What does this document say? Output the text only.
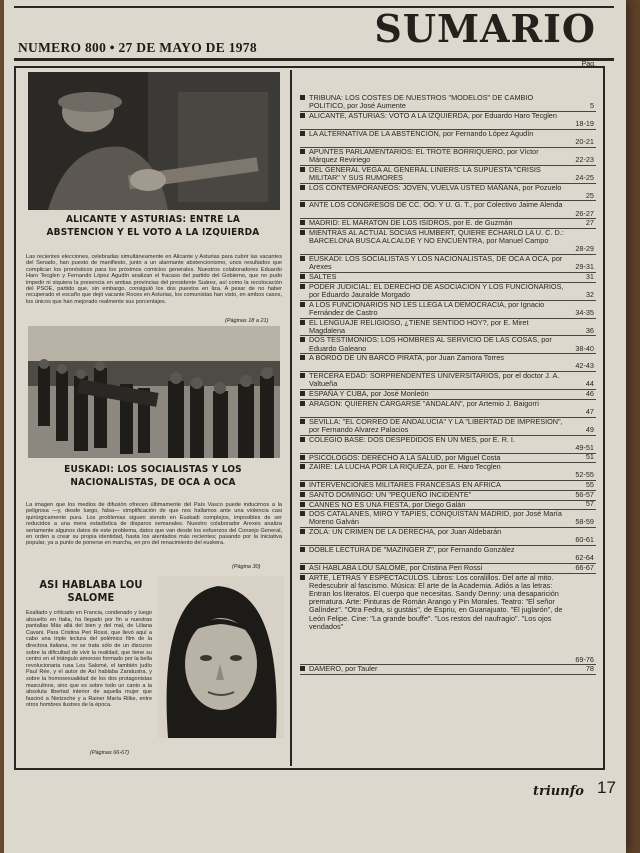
SUMARIO
NUMERO 800 • 27 DE MAYO DE 1978
Pág.
ALICANTE Y ASTURIAS: ENTRE LA ABSTENCION Y EL VOTO A LA IZQUIERDA
Las recientes elecciones, celebradas simultáneamente en Alicante y Asturias para cubrir las vacantes del Senado, han puesto de manifiesto, junto a un alarmante abstencionismo, unos resultados que complican los pronósticos para los próximos comicios generales. Nuestros colaboradores Eduardo Haro Tecglen y Fernando López Agudín analizan el fracaso del partido del Gobierno, que no pudo impedir ni siquiera la presencia en ambas provincias del presidente Suárez, así como la recolocación del PSOE, partido que, sin embargo, consiguió los dos puestos en liza. A pesar de no haber recuperado el escaño que dejó vacante Roces en Asturias, los comunistas han visto, en ambos casos, los únicos que han mejorado realmente sus porcentajes.
(Páginas 18 a 21)
EUSKADI: LOS SOCIALISTAS Y LOS NACIONALISTAS, DE OCA A OCA
La imagen que los medios de difusión ofrecen últimamente del País Vasco puede inducirnos a la peligrosa —y, desde luego, falsa— simplificación de que nos hallamos ante una violencia casi quirúrgicamente pura. Los problemas siguen siendo en Euskadi complejos, imposibles de ser reducidos a una mera estadística de disparos semanales. Nuestro colaborador Arexes analiza seriamente algunos datos de este problema, datos que van desde los esfuerzos del Consejo General, en orden a crear su propia identidad, hasta los atentados más recientes; pasando por la iniciativa popular, ya a punto de ponerse en marcha, en pro del renacimiento del euskera.
(Página 30)
ASI HABLABA LOU SALOME
Exaltado y criticado en Francia, condenado y luego absuelto en Italia, ha llegado por fin a nuestras pantallas Más allá del bien y del mal, de Liliana Cavani. Para Cristina Peri Rossi, que llevó aquí a cabo una triple lectura del polémico film de la directora italiana, no se trata sólo de un discurso sobre la dificultad de vivir la realidad, que tiene su centro en el triángulo amoroso formado por la bella revolucionaria rusa Lou Salomé, el también judío Paul Rée, y el autor de Así hablaba Zaratustra, y sobre la homosexualidad de los dos protagonistas masculinos, sino que es sobre todo un canto a la absoluta libertad interior de aquella mujer que fascinó a Nietzsche y a Rainer María Rilke, entre otros hombres ilustres de la época.
(Páginas 66-67)
TRIBUNA: LOS COSTES DE NUESTROS "MODELOS" DE CAMBIO POLITICO, por José Aumente	5
ALICANTE, ASTURIAS: VOTO A LA IZQUIERDA, por Eduardo Haro Tecglen
18-19
LA ALTERNATIVA DE LA ABSTENCION, por Fernando López Agudín
20-21
APUNTES PARLAMENTARIOS: EL TROTE BORRIQUERO, por Víctor Márquez Reviriego	22-23
DEL GENERAL VEGA AL GENERAL LINIERS: LA SUPUESTA "CRISIS MILITAR" Y SUS RUMORES	24-25
LOS CONTEMPORANEOS: JOVEN, VUELVA USTED MAÑANA, por Pozuelo
25
ANTE LOS CONGRESOS DE CC. OO. Y U. G. T., por Colectivo Jaime Alenda
26-27
MADRID: EL MARATON DE LOS ISIDROS, por E. de Guzmán	27
MIENTRAS AL ACTUAL SOCIAS HUMBERT, QUIERE ECHARLO LA U. C. D.: BARCELONA BUSCA ALCALDE Y NO ENCUENTRA, por Manuel Campo
28-29
EUSKADI: LOS SOCIALISTAS Y LOS NACIONALISTAS, DE OCA A OCA, por Arexes	29-31
SALTES	31
PODER JUDICIAL: EL DERECHO DE ASOCIACION Y LOS FUNCIONARIOS, por Eduardo Jauralde Morgado	32
A LOS FUNCIONARIOS NO LES LLEGA LA DEMOCRACIA, por Ignacio Fernández de Castro	34-35
EL LENGUAJE RELIGIOSO, ¿TIENE SENTIDO HOY?, por E. Miret Magdalena	36
DOS TESTIMONIOS: LOS HOMBRES AL SERVICIO DE LAS COSAS, por Eduardo Galeano	38-40
A BORDO DE UN BARCO PIRATA, por Juan Zamora Torres
42-43
TERCERA EDAD: SORPRENDENTES UNIVERSITARIOS, por el doctor J. A. Valtueña	44
ESPAÑA Y CUBA, por José Monleón	46
ARAGON: QUIEREN CARGARSE "ANDALAN", por Artemio J. Baigorri
47
SEVILLA: "EL CORREO DE ANDALUCIA" Y LA "LIBERTAD DE IMPRESION", por Fernando Alvarez Palacios	49
COLEGIO BASE: DOS DESPEDIDOS EN UN MES, por E. R. I.
49-51
PSICOLOGOS: DERECHO A LA SALUD, por Miguel Costa	51
ZAIRE: LA LUCHA POR LA RIQUEZA, por E. Haro Tecglen
52-55
INTERVENCIONES MILITARES FRANCESAS EN AFRICA	55
SANTO DOMINGO: UN "PEQUEÑO INCIDENTE"	56-57
CANNES NO ES UNA FIESTA, por Diego Galán	57
DOS CATALANES, MIRO Y TAPIES, CONQUISTAN MADRID, por José María Moreno Galván	58-59
ZOLA: UN CRIMEN DE LA DERECHA, por Juan Aldebarán
60-61
DOBLE LECTURA DE "MAZINGER Z", por Fernando González
62-64
ASI HABLABA LOU SALOME, por Cristina Peri Rossi	66-67
ARTE, LETRAS Y ESPECTACULOS. Libros: Los coralillos. Del arte al mito. Redescubrir al fascismo. Música: El arte de la Academia. Adiós a las letras: Entran los literatos. El cuerpo que necesitas. Sandy Denny: una desaparición prematura. Arte: Pinturas de Román Arango y Pin Morales. Teatro: "El señor Galíndez". "Otra Fedra, si gustáis", de Espriu, en Guanajuato. "El juglarón", de León Felipe. Cine: "La grande bouffe". "Los restos del naufragio". "Los ojos vendados"
69-76
DAMERO, por Tauler	78
triunfo 17
